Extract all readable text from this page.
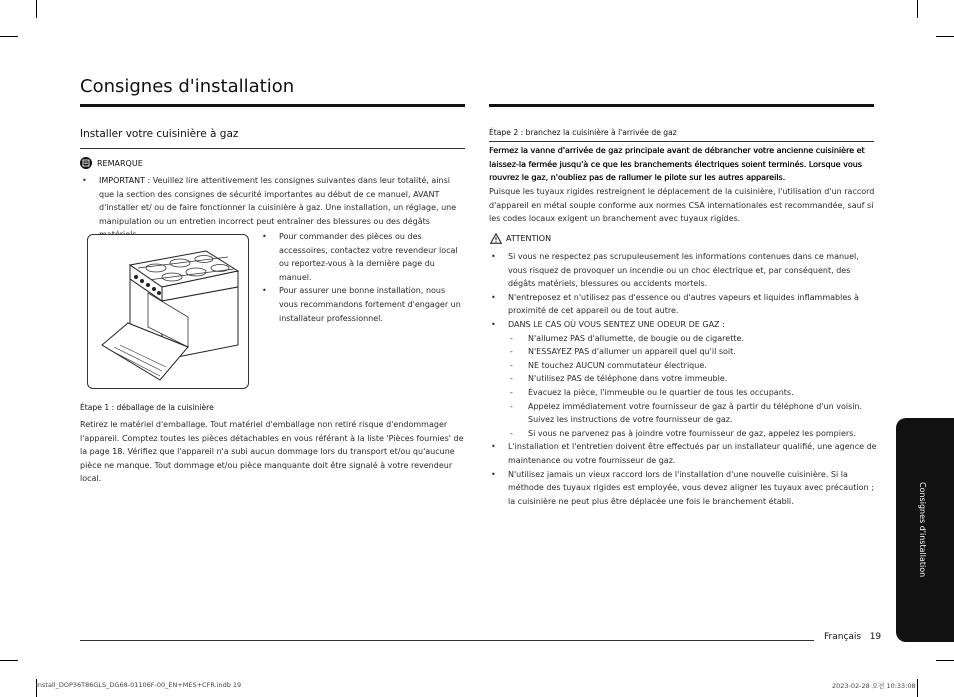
Consignes d'installation
Installer votre cuisinière à gaz
REMARQUE
• IMPORTANT : Veuillez lire attentivement les consignes suivantes dans leur totalité, ainsi que la section des consignes de sécurité importantes au début de ce manuel, AVANT d'installer et/ ou de faire fonctionner la cuisinière à gaz. Une installation, un réglage, une manipulation ou un entretien incorrect peut entraîner des blessures ou des dégâts
• Pour commander des pièces ou des accessoires, contactez votre revendeur local ou reportez-vous à la dernière page du manuel.
• Pour assurer une bonne installation, nous vous recommandons fortement d'engager un installateur professionnel.
Étape 1 : déballage de la cuisinière
Retirez le matériel d'emballage. Tout matériel d'emballage non retiré risque d'endommager l'appareil. Comptez toutes les pièces détachables en vous référant à la liste 'Pièces fournies' de la page 18. Vérifiez que l'appareil n'a subi aucun dommage lors du transport et/ou qu'aucune pièce ne manque. Tout dommage et/ou pièce manquante doit être signalé à votre revendeur local.
Étape 2 : branchez la cuisinière à l'arrivée de gaz
Fermez la vanne d'arrivée de gaz principale avant de débrancher votre ancienne cuisinière et laissez-la fermée jusqu'à ce que les branchements électriques soient terminés. Lorsque vous rouvrez le gaz, n'oubliez pas de rallumer le pilote sur les autres appareils.
Puisque les tuyaux rigides restreignent le déplacement de la cuisinière, l'utilisation d'un raccord d'appareil en métal souple conforme aux normes CSA internationales est recommandée, sauf si les codes locaux exigent un branchement avec tuyaux rigides.
ATTENTION
• Si vous ne respectez pas scrupuleusement les informations contenues dans ce manuel, vous risquez de provoquer un incendie ou un choc électrique et, par conséquent, des dégâts matériels, blessures ou accidents mortels.
• N'entreposez et n'utilisez pas d'essence ou d'autres vapeurs et liquides inflammables à proximité de cet appareil ou de tout autre.
• DANS LE CAS OÙ VOUS SENTEZ UNE ODEUR DE GAZ :
- N'allumez PAS d'allumette, de bougie ou de cigarette.
- N'ESSAYEZ PAS d'allumer un appareil quel qu'il soit.
- NE touchez AUCUN commutateur électrique.
- N'utilisez PAS de téléphone dans votre immeuble.
- Évacuez la pièce, l'immeuble ou le quartier de tous les occupants.
- Appelez immédiatement votre fournisseur de gaz à partir du téléphone d'un voisin. Suivez les instructions de votre fournisseur de gaz.
- Si vous ne parvenez pas à joindre votre fournisseur de gaz, appelez les pompiers.
• L'installation et l'entretien doivent être effectués par un installateur qualifié, une agence de maintenance ou votre fournisseur de gaz.
• N'utilisez jamais un vieux raccord lors de l'installation d'une nouvelle cuisinière. Si la méthode des tuyaux rigides est employée, vous devez aligner les tuyaux avec précaution ; la cuisinière ne peut plus être déplacée une fois le branchement établi.	Consignes d'installation
Français 19
Install_DOP36T86GLS_DG68-01106F-00_EN+MES+CFR.indb 19	2023-02-28 오전 10:33:08
